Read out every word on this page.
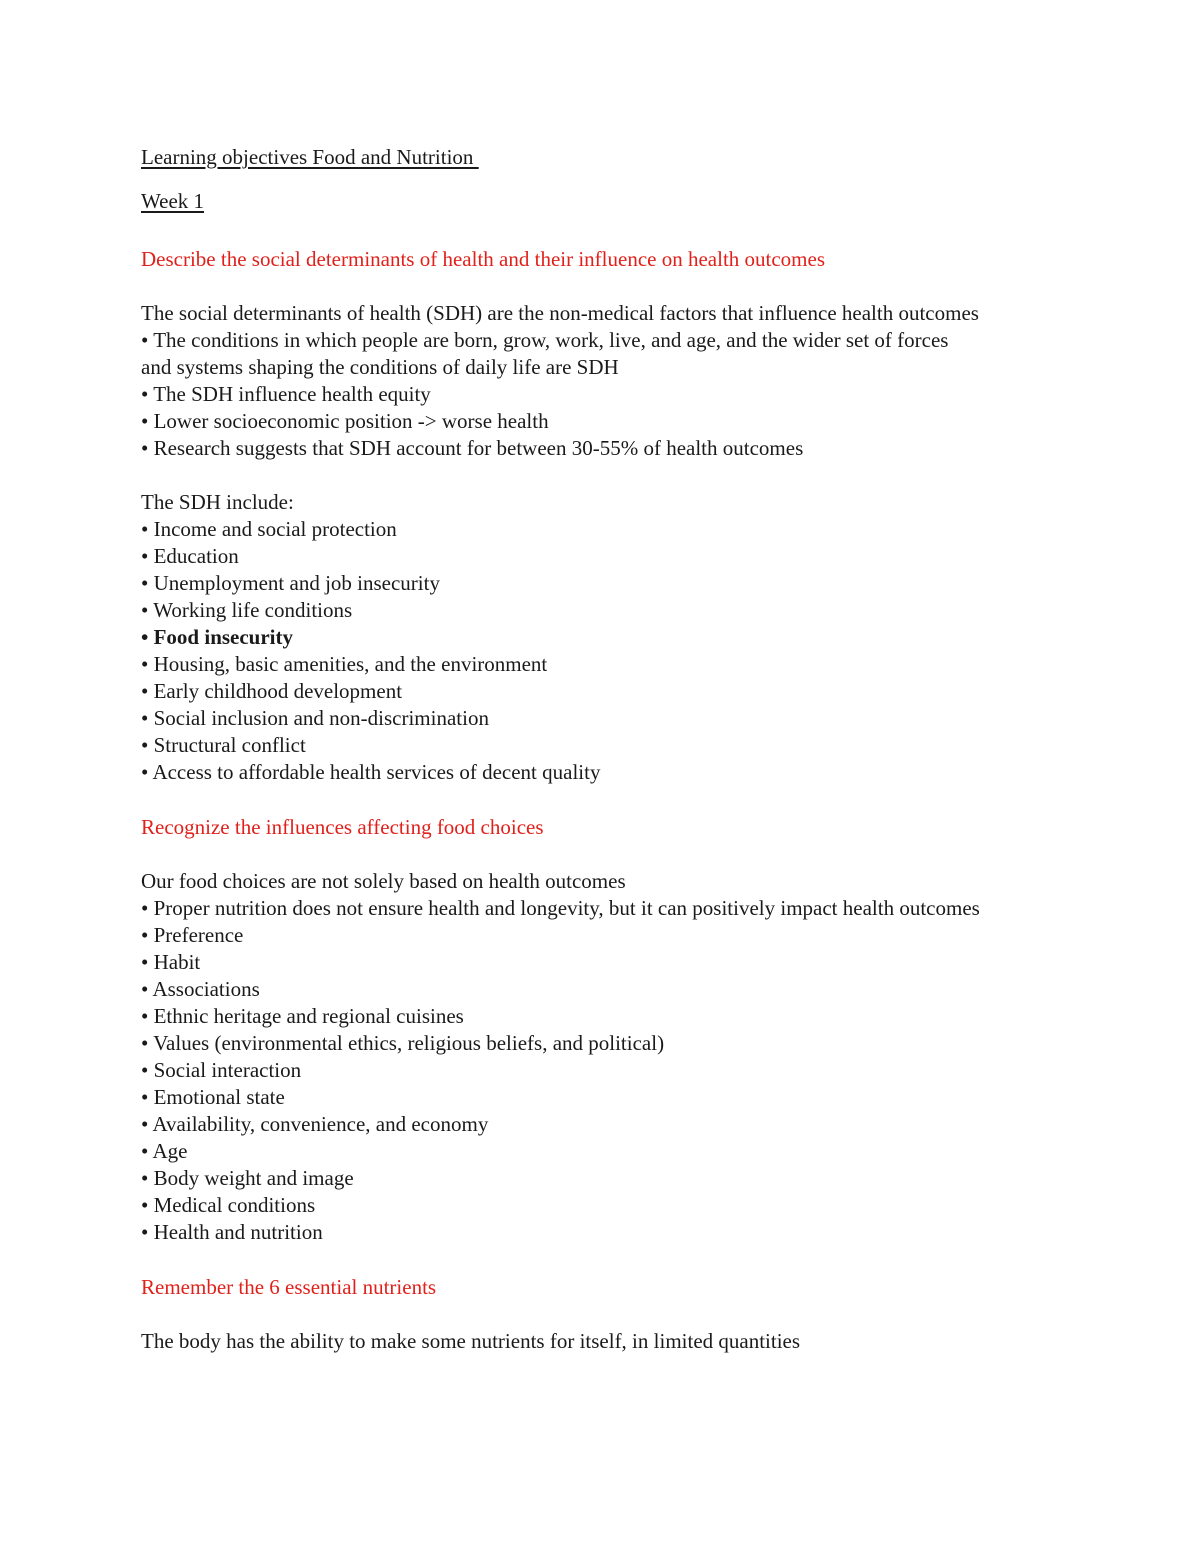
Learning objectives Food and Nutrition
Week 1
Describe the social determinants of health and their influence on health outcomes
The social determinants of health (SDH) are the non-medical factors that influence health outcomes
• The conditions in which people are born, grow, work, live, and age, and the wider set of forces and systems shaping the conditions of daily life are SDH
• The SDH influence health equity
• Lower socioeconomic position -> worse health
• Research suggests that SDH account for between 30-55% of health outcomes
The SDH include:
• Income and social protection
• Education
• Unemployment and job insecurity
• Working life conditions
• Food insecurity
• Housing, basic amenities, and the environment
• Early childhood development
• Social inclusion and non-discrimination
• Structural conflict
• Access to affordable health services of decent quality
Recognize the influences affecting food choices
Our food choices are not solely based on health outcomes
• Proper nutrition does not ensure health and longevity, but it can positively impact health outcomes
• Preference
• Habit
• Associations
• Ethnic heritage and regional cuisines
• Values (environmental ethics, religious beliefs, and political)
• Social interaction
• Emotional state
• Availability, convenience, and economy
• Age
• Body weight and image
• Medical conditions
• Health and nutrition
Remember the 6 essential nutrients
The body has the ability to make some nutrients for itself, in limited quantities
